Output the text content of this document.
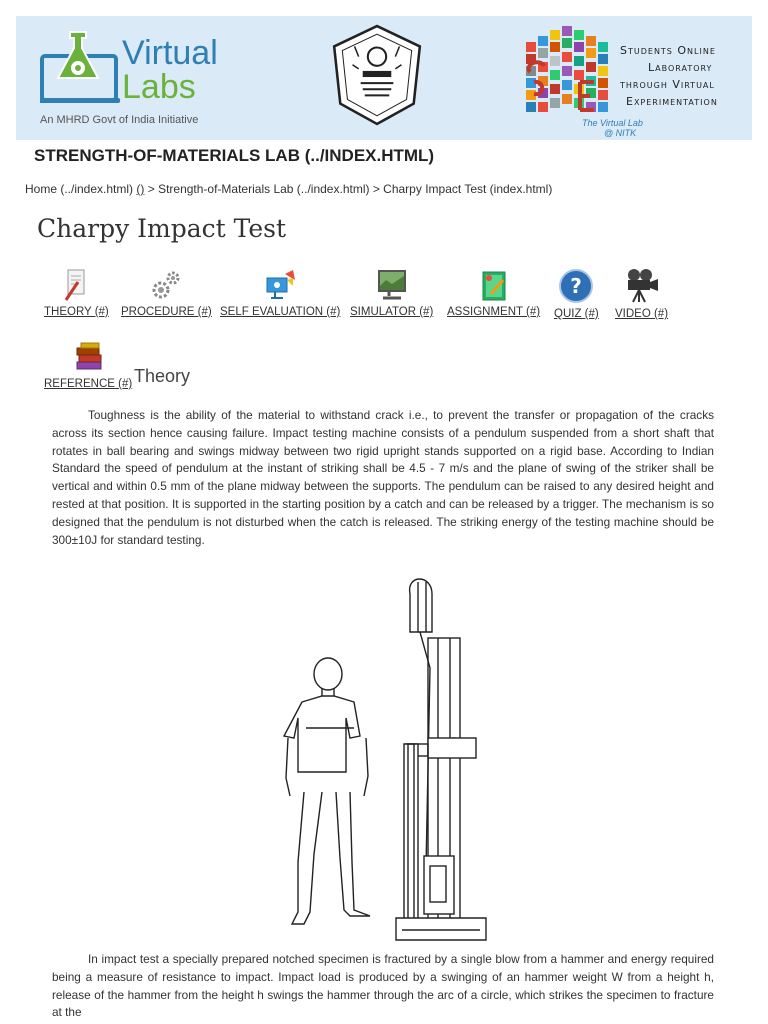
Virtual
Labs
An MHRD Govt of India Initiative
Students Online
Laboratory
through Virtual
Experimentation
The Virtual Lab
@ NITK
STRENGTH-OF-MATERIALS LAB (../INDEX.HTML)
Home (../index.html) () > Strength-of-Materials Lab (../index.html) > Charpy Impact Test (index.html)
Charpy Impact Test
THEORY (#) PROCEDURE (#) SELF EVALUATION (#) SIMULATOR (#) ASSIGNMENT (#)
?
QUIZ (#) VIDEO (#)
REFERENCE (#) Theory

Toughness is the ability of the material to withstand crack i.e., to prevent the transfer or propagation of the cracks across its section hence causing failure. Impact testing machine consists of a pendulum suspended from a short shaft that rotates in ball bearing and swings midway between two rigid upright stands supported on a rigid base. According to Indian Standard the speed of pendulum at the instant of striking shall be 4.5 - 7 m/s and the plane of swing of the striker shall be vertical and within 0.5 mm of the plane midway between the supports. The pendulum can be raised to any desired height and rested at that position. It is supported in the starting position by a catch and can be released by a trigger. The mechanism is so designed that the pendulum is not disturbed when the catch is released. The striking energy of the testing machine should be 300±10J for standard testing.

In impact test a specially prepared notched specimen is fractured by a single blow from a hammer and energy required being a measure of resistance to impact. Impact load is produced by a swinging of an hammer weight W from a height h, release of the hammer from the height h swings the hammer through the arc of a circle, which strikes the specimen to fracture at the
